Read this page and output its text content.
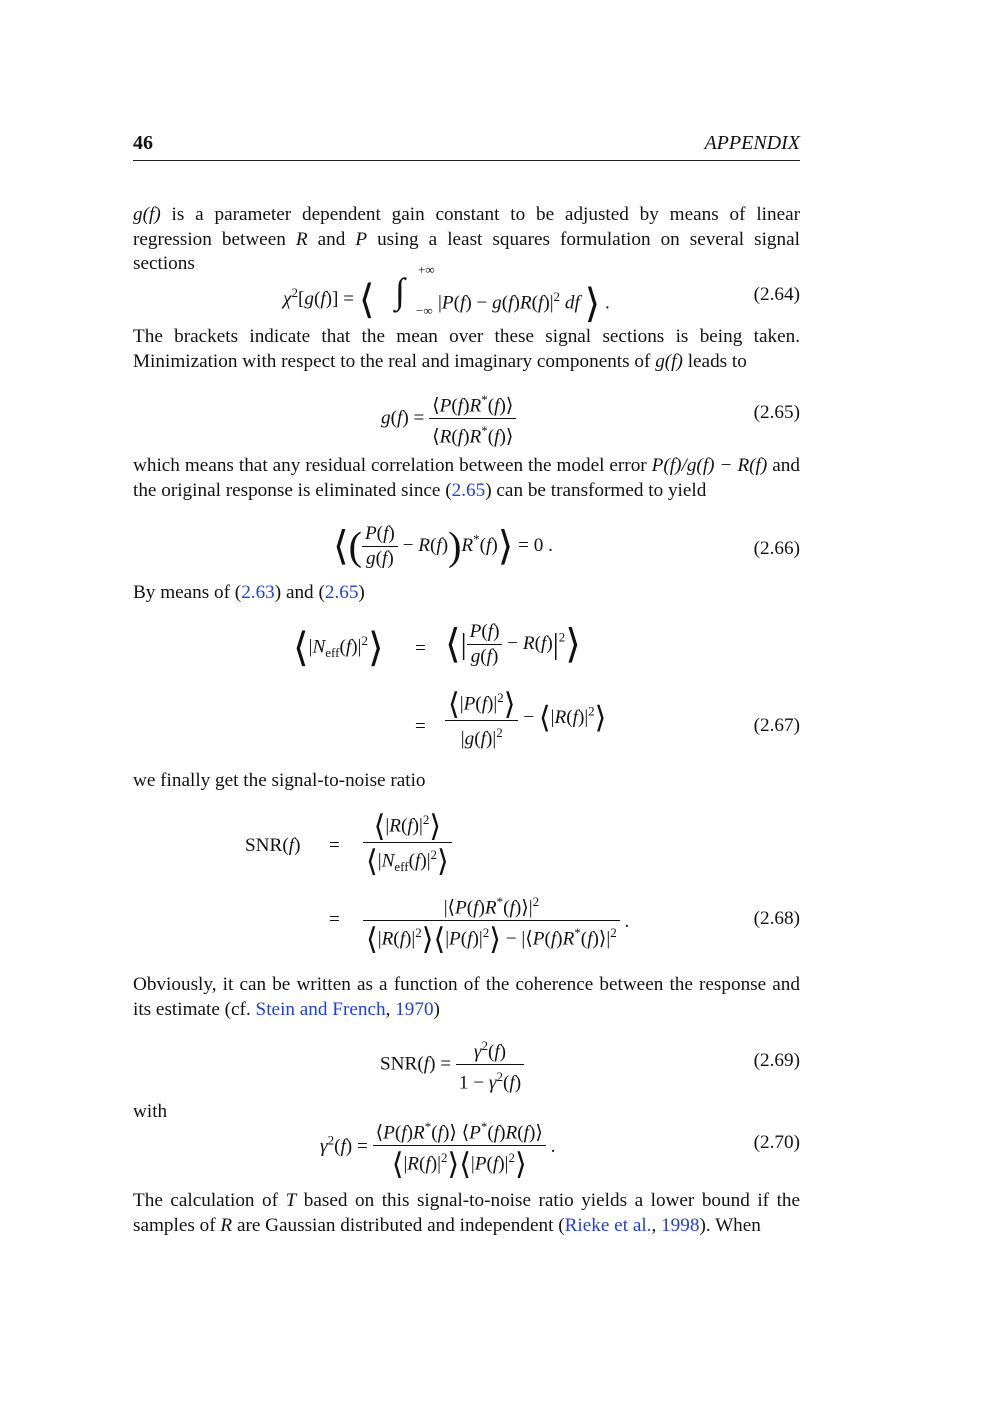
46	APPENDIX

g(f) is a parameter dependent gain constant to be adjusted by means of linear regression between R and P using a least squares formulation on several signal sections

$\chi^2[g(f)]$ = ⟨
+∞
∫ −∞ $|P(f) - g(f)R(f)|^2$ df ⟩ .	(2.64)

The brackets indicate that the mean over these signal sections is being taken. Minimization with respect to the real and imaginary components of g(f) leads to

$g(f) = \frac{⟨P(f)R^*(f)⟩}{⟨R(f)R^*(f)⟩}$	(2.65)

which means that any residual correlation between the model error P(f)/g(f) − R(f) and the original response is eliminated since (2.65) can be transformed to yield

⟨( $\frac{P(f)}{g(f)}$ − R(f))R*(f)⟩ = 0 .	(2.66)

By means of (2.63) and (2.65)

$⟨|N_{eff}(f)|^2⟩$ = ⟨| $\frac{P(f)}{g(f)}$ − $R(f)|^2⟩$
= $\frac{⟨|P(f)|^2⟩}{|g(f)|^2}$ − $⟨|R(f)|^2⟩$	(2.67)

we finally get the signal-to-noise ratio

$SNR(f) = \frac{⟨|R(f)|^2⟩}{⟨|N_{eff}(f)|^2⟩}$
= $\frac{|⟨P(f)R^*(f)⟩|^2}{⟨|R(f)|^2⟩⟨|P(f)|^2⟩ - |⟨P(f)R^*(f)⟩|^2}$ .	(2.68)

Obviously, it can be written as a function of the coherence between the response and its estimate (cf. Stein and French, 1970)

$SNR(f) = \frac{\gamma^2(f)}{1 - \gamma^2(f)}$	(2.69)

with

$\gamma^2(f) = \frac{⟨P(f)R^*(f)⟩ ⟨P^*(f)R(f)⟩}{⟨|R(f)|^2⟩⟨|P(f)|^2⟩}$ .	(2.70)

The calculation of T based on this signal-to-noise ratio yields a lower bound if the samples of R are Gaussian distributed and independent (Rieke et al., 1998). When
